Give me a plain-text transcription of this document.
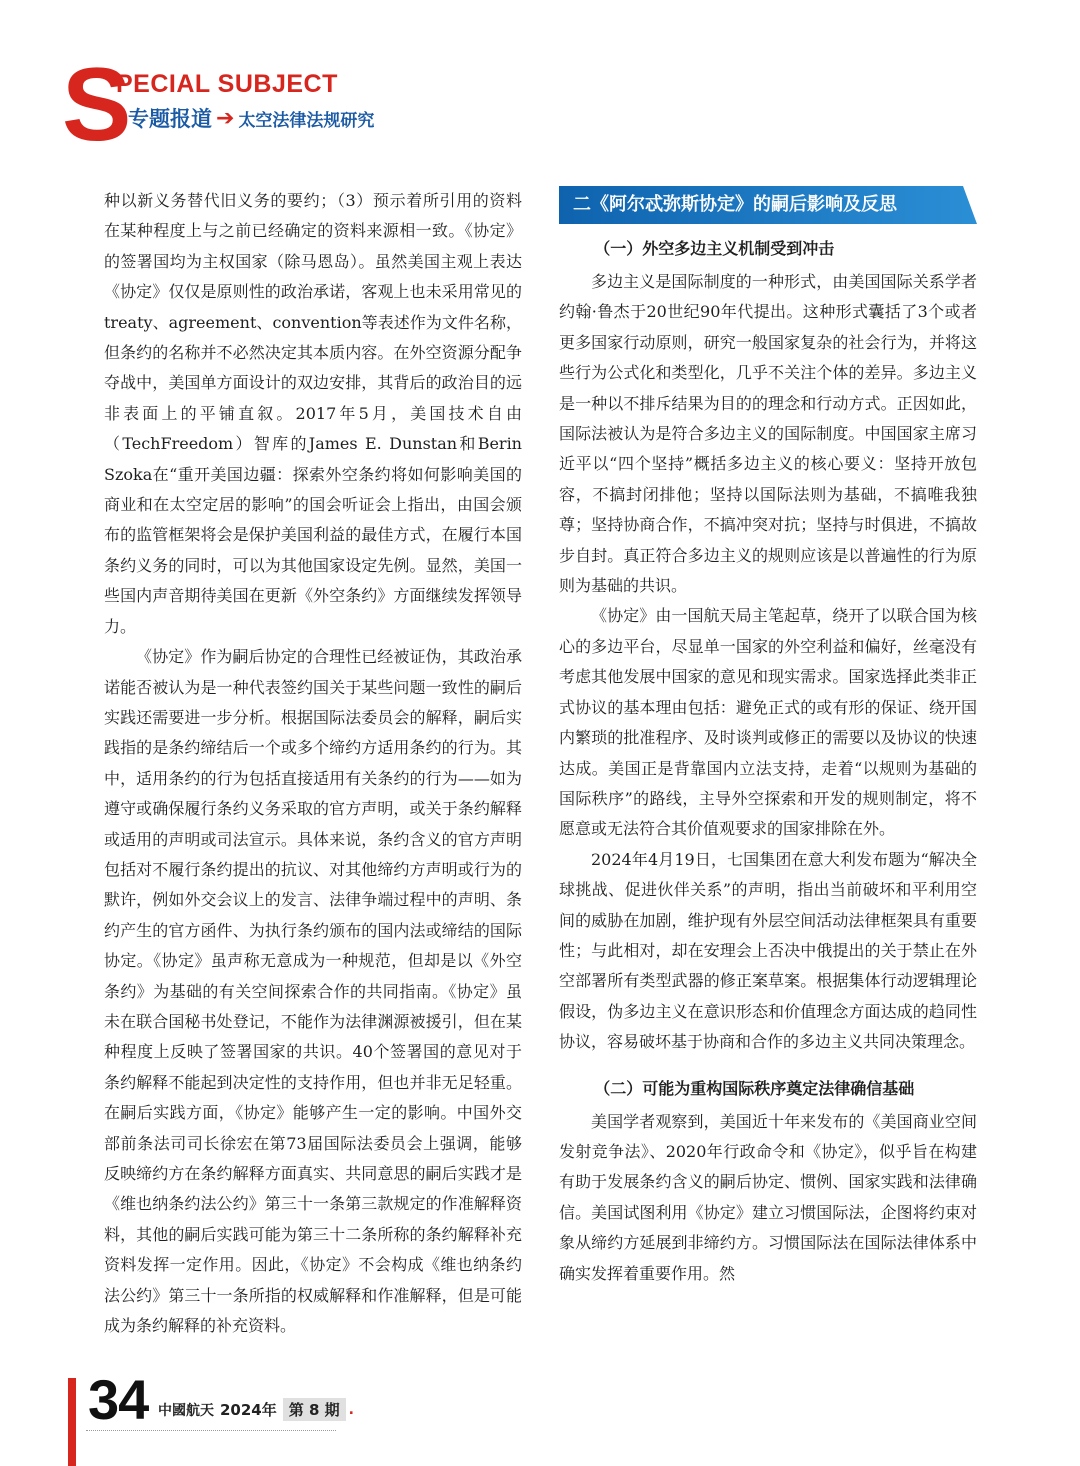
S
PECIAL SUBJECT
专题报道 ➔ 太空法律法规研究

种以新义务替代旧义务的要约；（3）预示着所引用的资料在某种程度上与之前已经确定的资料来源相一致。《协定》的签署国均为主权国家（除马恩岛）。虽然美国主观上表达《协定》仅仅是原则性的政治承诺，客观上也未采用常见的treaty、agreement、convention等表述作为文件名称，但条约的名称并不必然决定其本质内容。在外空资源分配争夺战中，美国单方面设计的双边安排，其背后的政治目的远非表面上的平铺直叙。2017年5月，美国技术自由（TechFreedom）智库的James E. Dunstan和Berin Szoka在“重开美国边疆：探索外空条约将如何影响美国的商业和在太空定居的影响”的国会听证会上指出，由国会颁布的监管框架将会是保护美国利益的最佳方式，在履行本国条约义务的同时，可以为其他国家设定先例。显然，美国一些国内声音期待美国在更新《外空条约》方面继续发挥领导力。

《协定》作为嗣后协定的合理性已经被证伪，其政治承诺能否被认为是一种代表签约国关于某些问题一致性的嗣后实践还需要进一步分析。根据国际法委员会的解释，嗣后实践指的是条约缔结后一个或多个缔约方适用条约的行为。其中，适用条约的行为包括直接适用有关条约的行为——如为遵守或确保履行条约义务采取的官方声明，或关于条约解释或适用的声明或司法宣示。具体来说，条约含义的官方声明包括对不履行条约提出的抗议、对其他缔约方声明或行为的默许，例如外交会议上的发言、法律争端过程中的声明、条约产生的官方函件、为执行条约颁布的国内法或缔结的国际协定。《协定》虽声称无意成为一种规范，但却是以《外空条约》为基础的有关空间探索合作的共同指南。《协定》虽未在联合国秘书处登记，不能作为法律渊源被援引，但在某种程度上反映了签署国家的共识。40个签署国的意见对于条约解释不能起到决定性的支持作用，但也并非无足轻重。在嗣后实践方面，《协定》能够产生一定的影响。中国外交部前条法司司长徐宏在第73届国际法委员会上强调，能够反映缔约方在条约解释方面真实、共同意思的嗣后实践才是《维也纳条约法公约》第三十一条第三款规定的作准解释资料，其他的嗣后实践可能为第三十二条所称的条约解释补充资料发挥一定作用。因此，《协定》不会构成《维也纳条约法公约》第三十一条所指的权威解释和作准解释，但是可能成为条约解释的补充资料。

二《阿尔忒弥斯协定》的嗣后影响及反思
（一）外空多边主义机制受到冲击

多边主义是国际制度的一种形式，由美国国际关系学者约翰·鲁杰于20世纪90年代提出。这种形式囊括了3个或者更多国家行动原则，研究一般国家复杂的社会行为，并将这些行为公式化和类型化，几乎不关注个体的差异。多边主义是一种以不排斥结果为目的的理念和行动方式。正因如此，国际法被认为是符合多边主义的国际制度。中国国家主席习近平以“四个坚持”概括多边主义的核心要义：坚持开放包容，不搞封闭排他；坚持以国际法则为基础，不搞唯我独尊；坚持协商合作，不搞冲突对抗；坚持与时俱进，不搞故步自封。真正符合多边主义的规则应该是以普遍性的行为原则为基础的共识。

《协定》由一国航天局主笔起草，绕开了以联合国为核心的多边平台，尽显单一国家的外空利益和偏好，丝毫没有考虑其他发展中国家的意见和现实需求。国家选择此类非正式协议的基本理由包括：避免正式的或有形的保证、绕开国内繁琐的批准程序、及时谈判或修正的需要以及协议的快速达成。美国正是背靠国内立法支持，走着“以规则为基础的国际秩序”的路线，主导外空探索和开发的规则制定，将不愿意或无法符合其价值观要求的国家排除在外。

2024年4月19日，七国集团在意大利发布题为“解决全球挑战、促进伙伴关系”的声明，指出当前破坏和平利用空间的威胁在加剧，维护现有外层空间活动法律框架具有重要性；与此相对，却在安理会上否决中俄提出的关于禁止在外空部署所有类型武器的修正案草案。根据集体行动逻辑理论假设，伪多边主义在意识形态和价值理念方面达成的趋同性协议，容易破坏基于协商和合作的多边主义共同决策理念。

（二）可能为重构国际秩序奠定法律确信基础

美国学者观察到，美国近十年来发布的《美国商业空间发射竞争法》、2020年行政命令和《协定》，似乎旨在构建有助于发展条约含义的嗣后协定、惯例、国家实践和法律确信。美国试图利用《协定》建立习惯国际法，企图将约束对象从缔约方延展到非缔约方。习惯国际法在国际法律体系中确实发挥着重要作用。然

34 中國航天 2024年 第 8 期 .
